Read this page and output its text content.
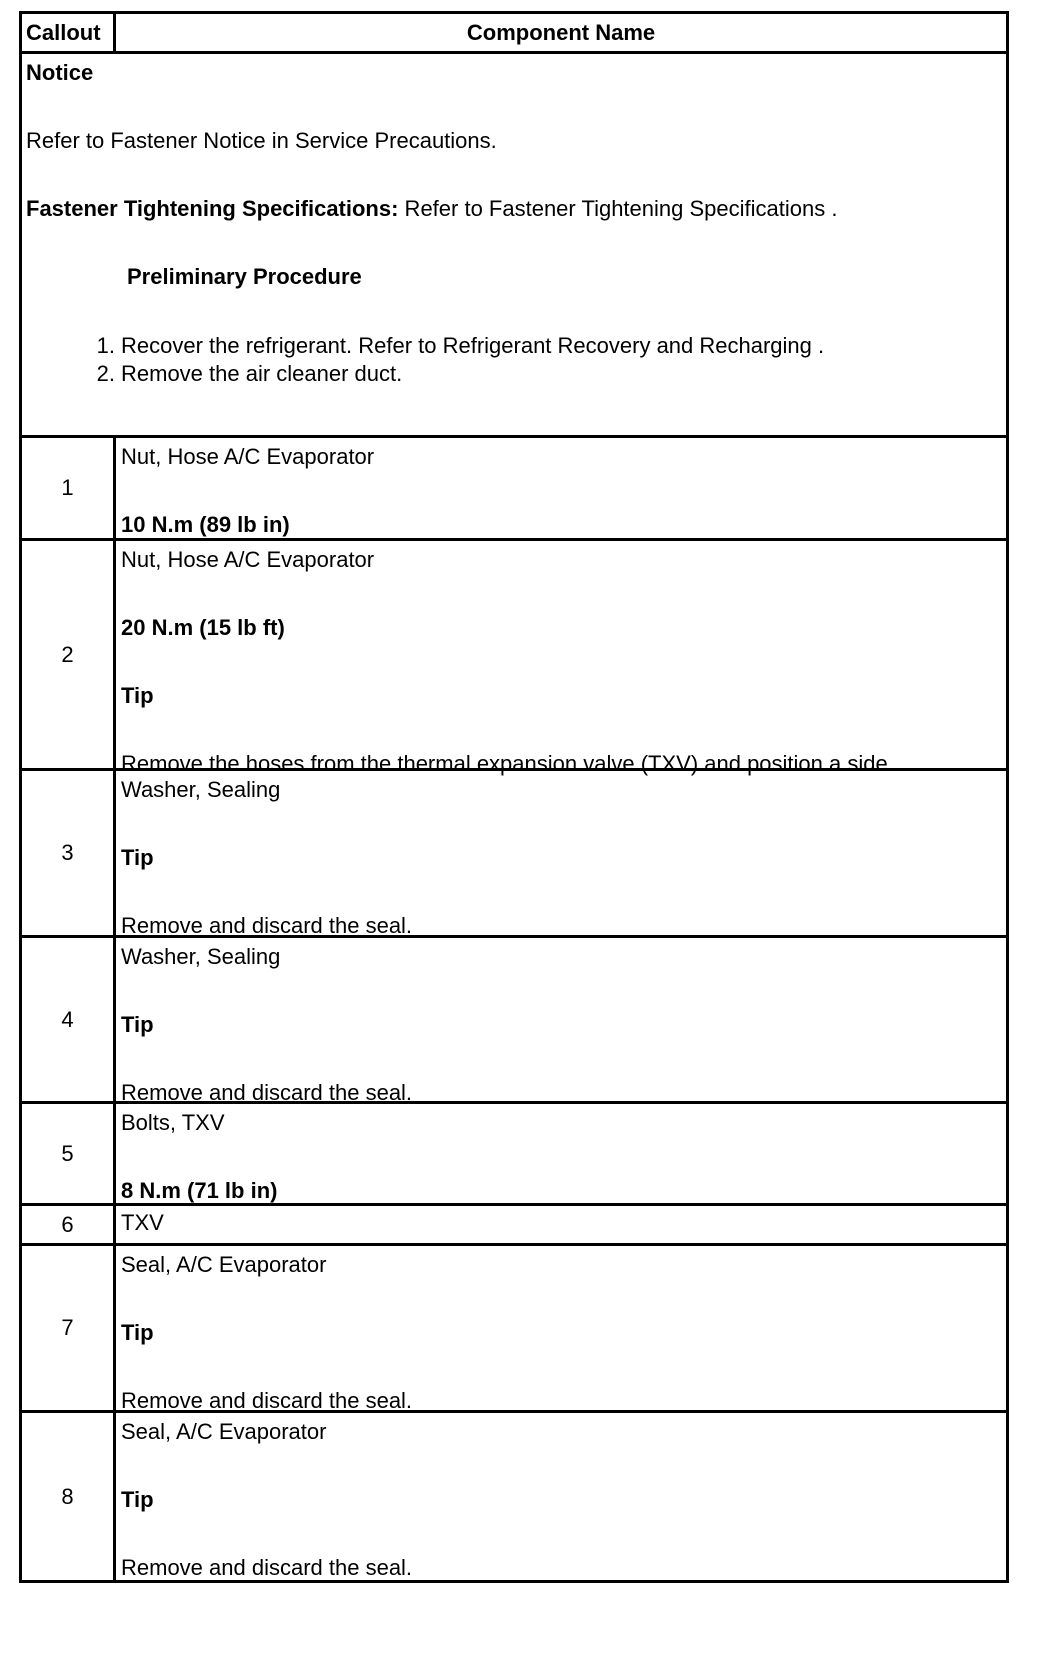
Callout	Component Name
Notice
Refer to Fastener Notice in Service Precautions.
Fastener Tightening Specifications: Refer to Fastener Tightening Specifications .
Preliminary Procedure
1. Recover the refrigerant. Refer to Refrigerant Recovery and Recharging .
2. Remove the air cleaner duct.
1
Nut, Hose A/C Evaporator
10 N.m (89 lb in)
2
Nut, Hose A/C Evaporator
20 N.m (15 lb ft)
Tip
Remove the hoses from the thermal expansion valve (TXV) and position a side.
3
Washer, Sealing
Tip
Remove and discard the seal.
4
Washer, Sealing
Tip
Remove and discard the seal.
5
Bolts, TXV
8 N.m (71 lb in)
6	TXV
7
Seal, A/C Evaporator
Tip
Remove and discard the seal.
8
Seal, A/C Evaporator
Tip
Remove and discard the seal.
